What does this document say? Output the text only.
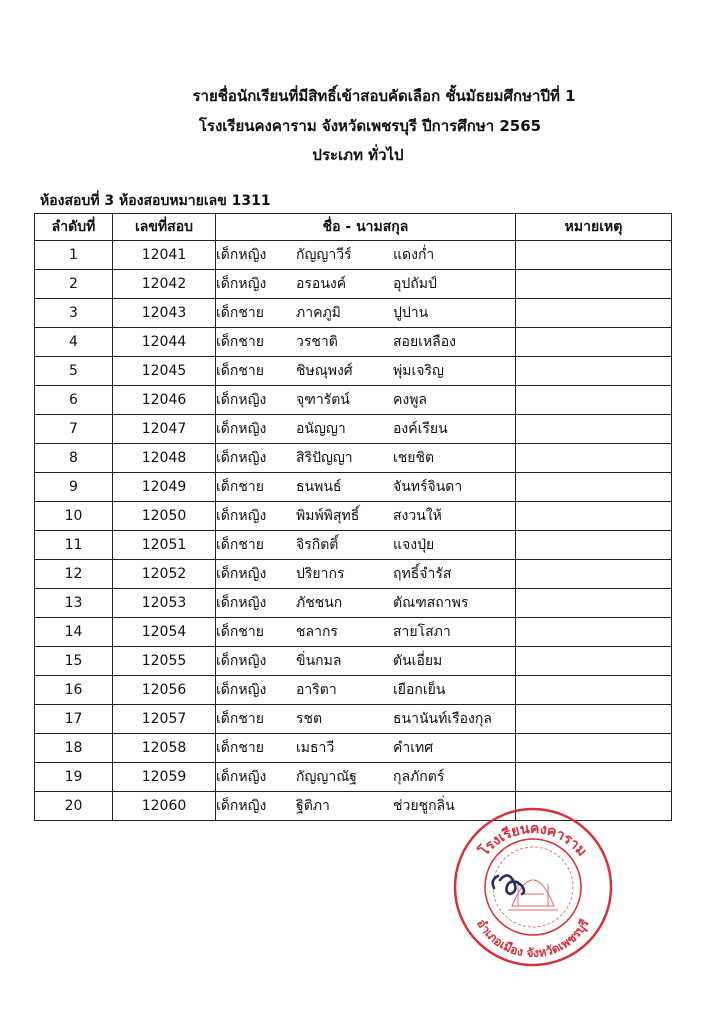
รายชื่อนักเรียนที่มีสิทธิ์เข้าสอบคัดเลือก ชั้นมัธยมศึกษาปีที่ 1
โรงเรียนคงคาราม จังหวัดเพชรบุรี ปีการศึกษา 2565
ประเภท ทั่วไป
ห้องสอบที่ 3 ห้องสอบหมายเลข 1311
ลำดับที่	เลขที่สอบ	ชื่อ - นามสกุล	หมายเหตุ
1	12041	เด็กหญิง กัญญาวีร์ แดงก่ำ	
2	12042	เด็กหญิง อรอนงค์ อุปถัมป์	
3	12043	เด็กชาย ภาคภูมิ ปูปาน	
4	12044	เด็กชาย วรชาติ สอยเหลือง	
5	12045	เด็กชาย ชิษณุพงศ์ พุ่มเจริญ	
6	12046	เด็กหญิง จุฑารัตน์ คงพูล	
7	12047	เด็กหญิง อนัญญา องค์เรียน	
8	12048	เด็กหญิง สิริปัญญา เชยชิต	
9	12049	เด็กชาย ธนพนธ์ จันทร์จินดา	
10	12050	เด็กหญิง พิมพ์พิสุทธิ์ สงวนให้	
11	12051	เด็กชาย จิรกิตติ์ แจงปุ่ย	
12	12052	เด็กหญิง ปริยากร ฤทธิ์จำรัส	
13	12053	เด็กหญิง ภัชชนก ตัณฑสถาพร	
14	12054	เด็กชาย ชลากร สายโสภา	
15	12055	เด็กหญิง ขิ่นกมล ตันเอี่ยม	
16	12056	เด็กหญิง อาริตา เยือกเย็น	
17	12057	เด็กชาย รชต ธนานันท์เรืองกุล	
18	12058	เด็กชาย เมธาวี คำเทศ	
19	12059	เด็กหญิง กัญญาณัฐ กุลภักตร์	
20	12060	เด็กหญิง ฐิติภา ช่วยชูกลิ่น	
โรงเรียนคงคาราม
อำเภอเมือง จังหวัดเพชรบุรี
